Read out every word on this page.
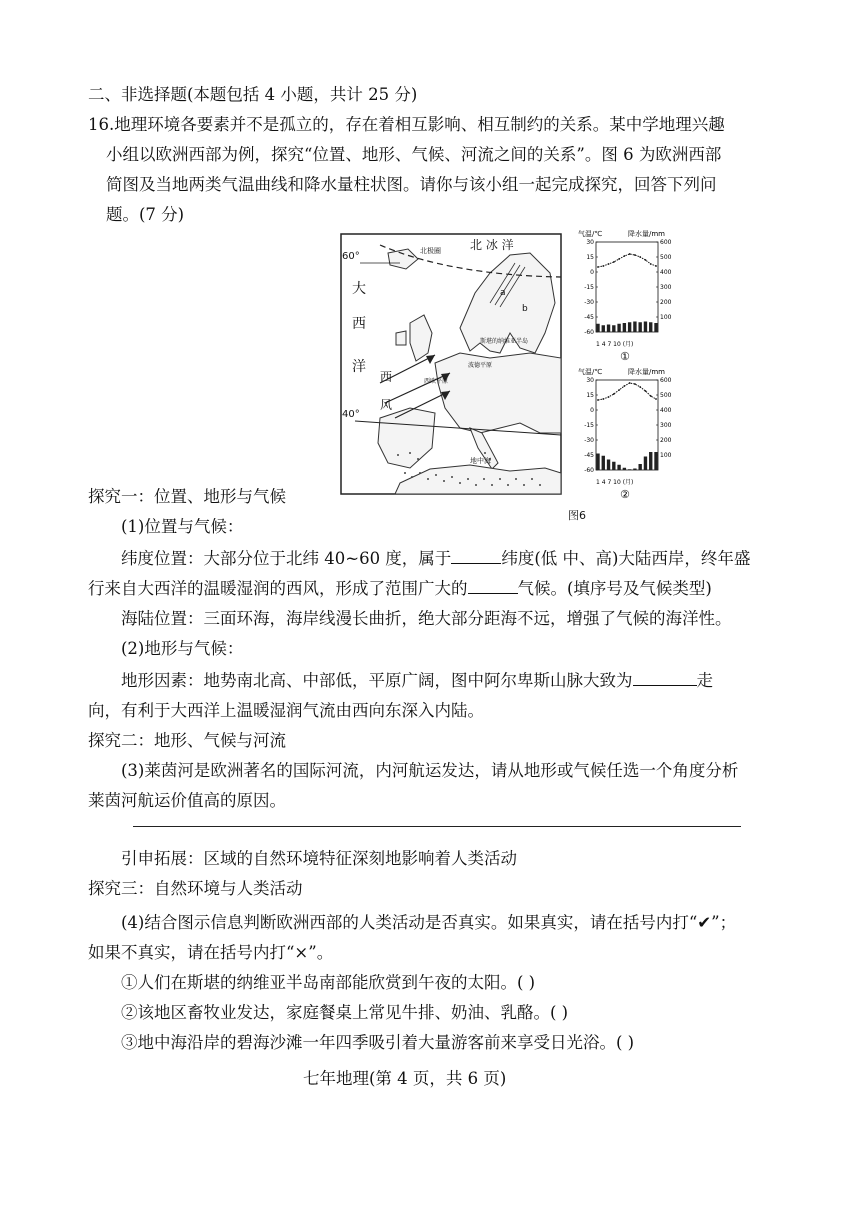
二、非选择题(本题包括 4 小题，共计 25 分)
16.地理环境各要素并不是孤立的，存在着相互影响、相互制约的关系。某中学地理兴趣
小组以欧洲西部为例，探究“位置、地形、气候、河流之间的关系”。图 6 为欧洲西部
简图及当地两类气温曲线和降水量柱状图。请你与该小组一起完成探究，回答下列问
题。(7 分)
北 冰 洋
大
西
洋
西
风
60°
40°
北极圈
斯堪的纳维亚半岛
西欧平原
波德平原
a
b
地中海
图6
气温/℃	降水量/mm
30
15
0
-15
-30
-45
-60
600
500
400
300
200
100
1 4 7 10 (月)
①
气温/℃	降水量/mm
30
15
0
-15
-30
-45
-60
600
500
400
300
200
100
1 4 7 10 (月)
②
探究一：位置、地形与气候
(1)位置与气候：
纬度位置：大部分位于北纬 40~60 度，属于	纬度(低 中、高)大陆西岸，终年盛
行来自大西洋的温暖湿润的西风，形成了范围广大的	气候。(填序号及气候类型)
海陆位置：三面环海，海岸线漫长曲折，绝大部分距海不远，增强了气候的海洋性。
(2)地形与气候：
地形因素：地势南北高、中部低，平原广阔，图中阿尔卑斯山脉大致为	走
向，有利于大西洋上温暖湿润气流由西向东深入内陆。
探究二：地形、气候与河流
(3)莱茵河是欧洲著名的国际河流，内河航运发达，请从地形或气候任选一个角度分析
莱茵河航运价值高的原因。
引申拓展：区域的自然环境特征深刻地影响着人类活动
探究三：自然环境与人类活动
(4)结合图示信息判断欧洲西部的人类活动是否真实。如果真实，请在括号内打“✔”；
如果不真实，请在括号内打“×”。
①人们在斯堪的纳维亚半岛南部能欣赏到午夜的太阳。( )
②该地区畜牧业发达，家庭餐桌上常见牛排、奶油、乳酪。( )
③地中海沿岸的碧海沙滩一年四季吸引着大量游客前来享受日光浴。( )
七年地理(第 4 页，共 6 页)
